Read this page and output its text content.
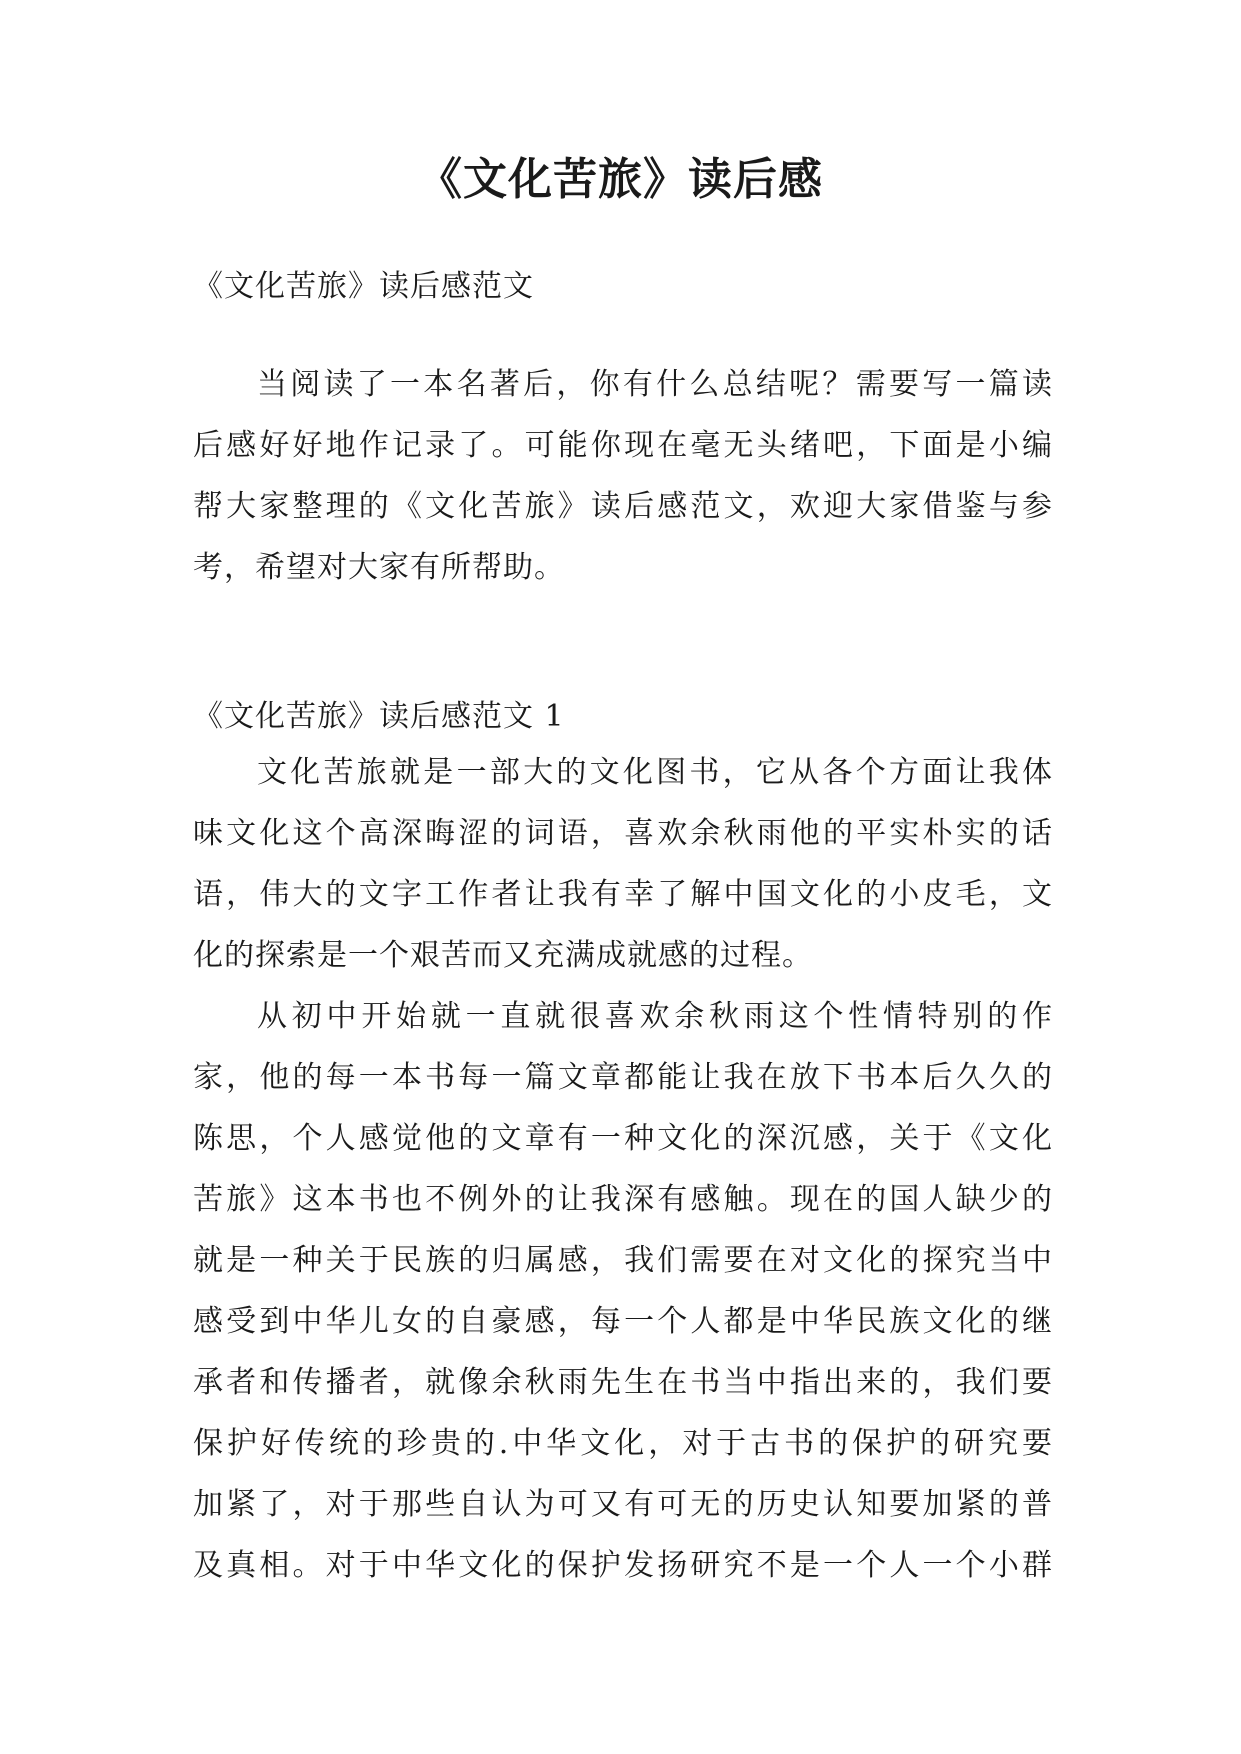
《文化苦旅》读后感
《文化苦旅》读后感范文
当阅读了一本名著后，你有什么总结呢？需要写一篇读
后感好好地作记录了。可能你现在毫无头绪吧，下面是小编
帮大家整理的《文化苦旅》读后感范文，欢迎大家借鉴与参
考，希望对大家有所帮助。
《文化苦旅》读后感范文 1
文化苦旅就是一部大的文化图书，它从各个方面让我体
味文化这个高深晦涩的词语，喜欢余秋雨他的平实朴实的话
语，伟大的文字工作者让我有幸了解中国文化的小皮毛，文
化的探索是一个艰苦而又充满成就感的过程。
从初中开始就一直就很喜欢余秋雨这个性情特别的作
家，他的每一本书每一篇文章都能让我在放下书本后久久的
陈思，个人感觉他的文章有一种文化的深沉感，关于《文化
苦旅》这本书也不例外的让我深有感触。现在的国人缺少的
就是一种关于民族的归属感，我们需要在对文化的探究当中
感受到中华儿女的自豪感，每一个人都是中华民族文化的继
承者和传播者，就像余秋雨先生在书当中指出来的，我们要
保护好传统的珍贵的.中华文化，对于古书的保护的研究要
加紧了，对于那些自认为可又有可无的历史认知要加紧的普
及真相。对于中华文化的保护发扬研究不是一个人一个小群
